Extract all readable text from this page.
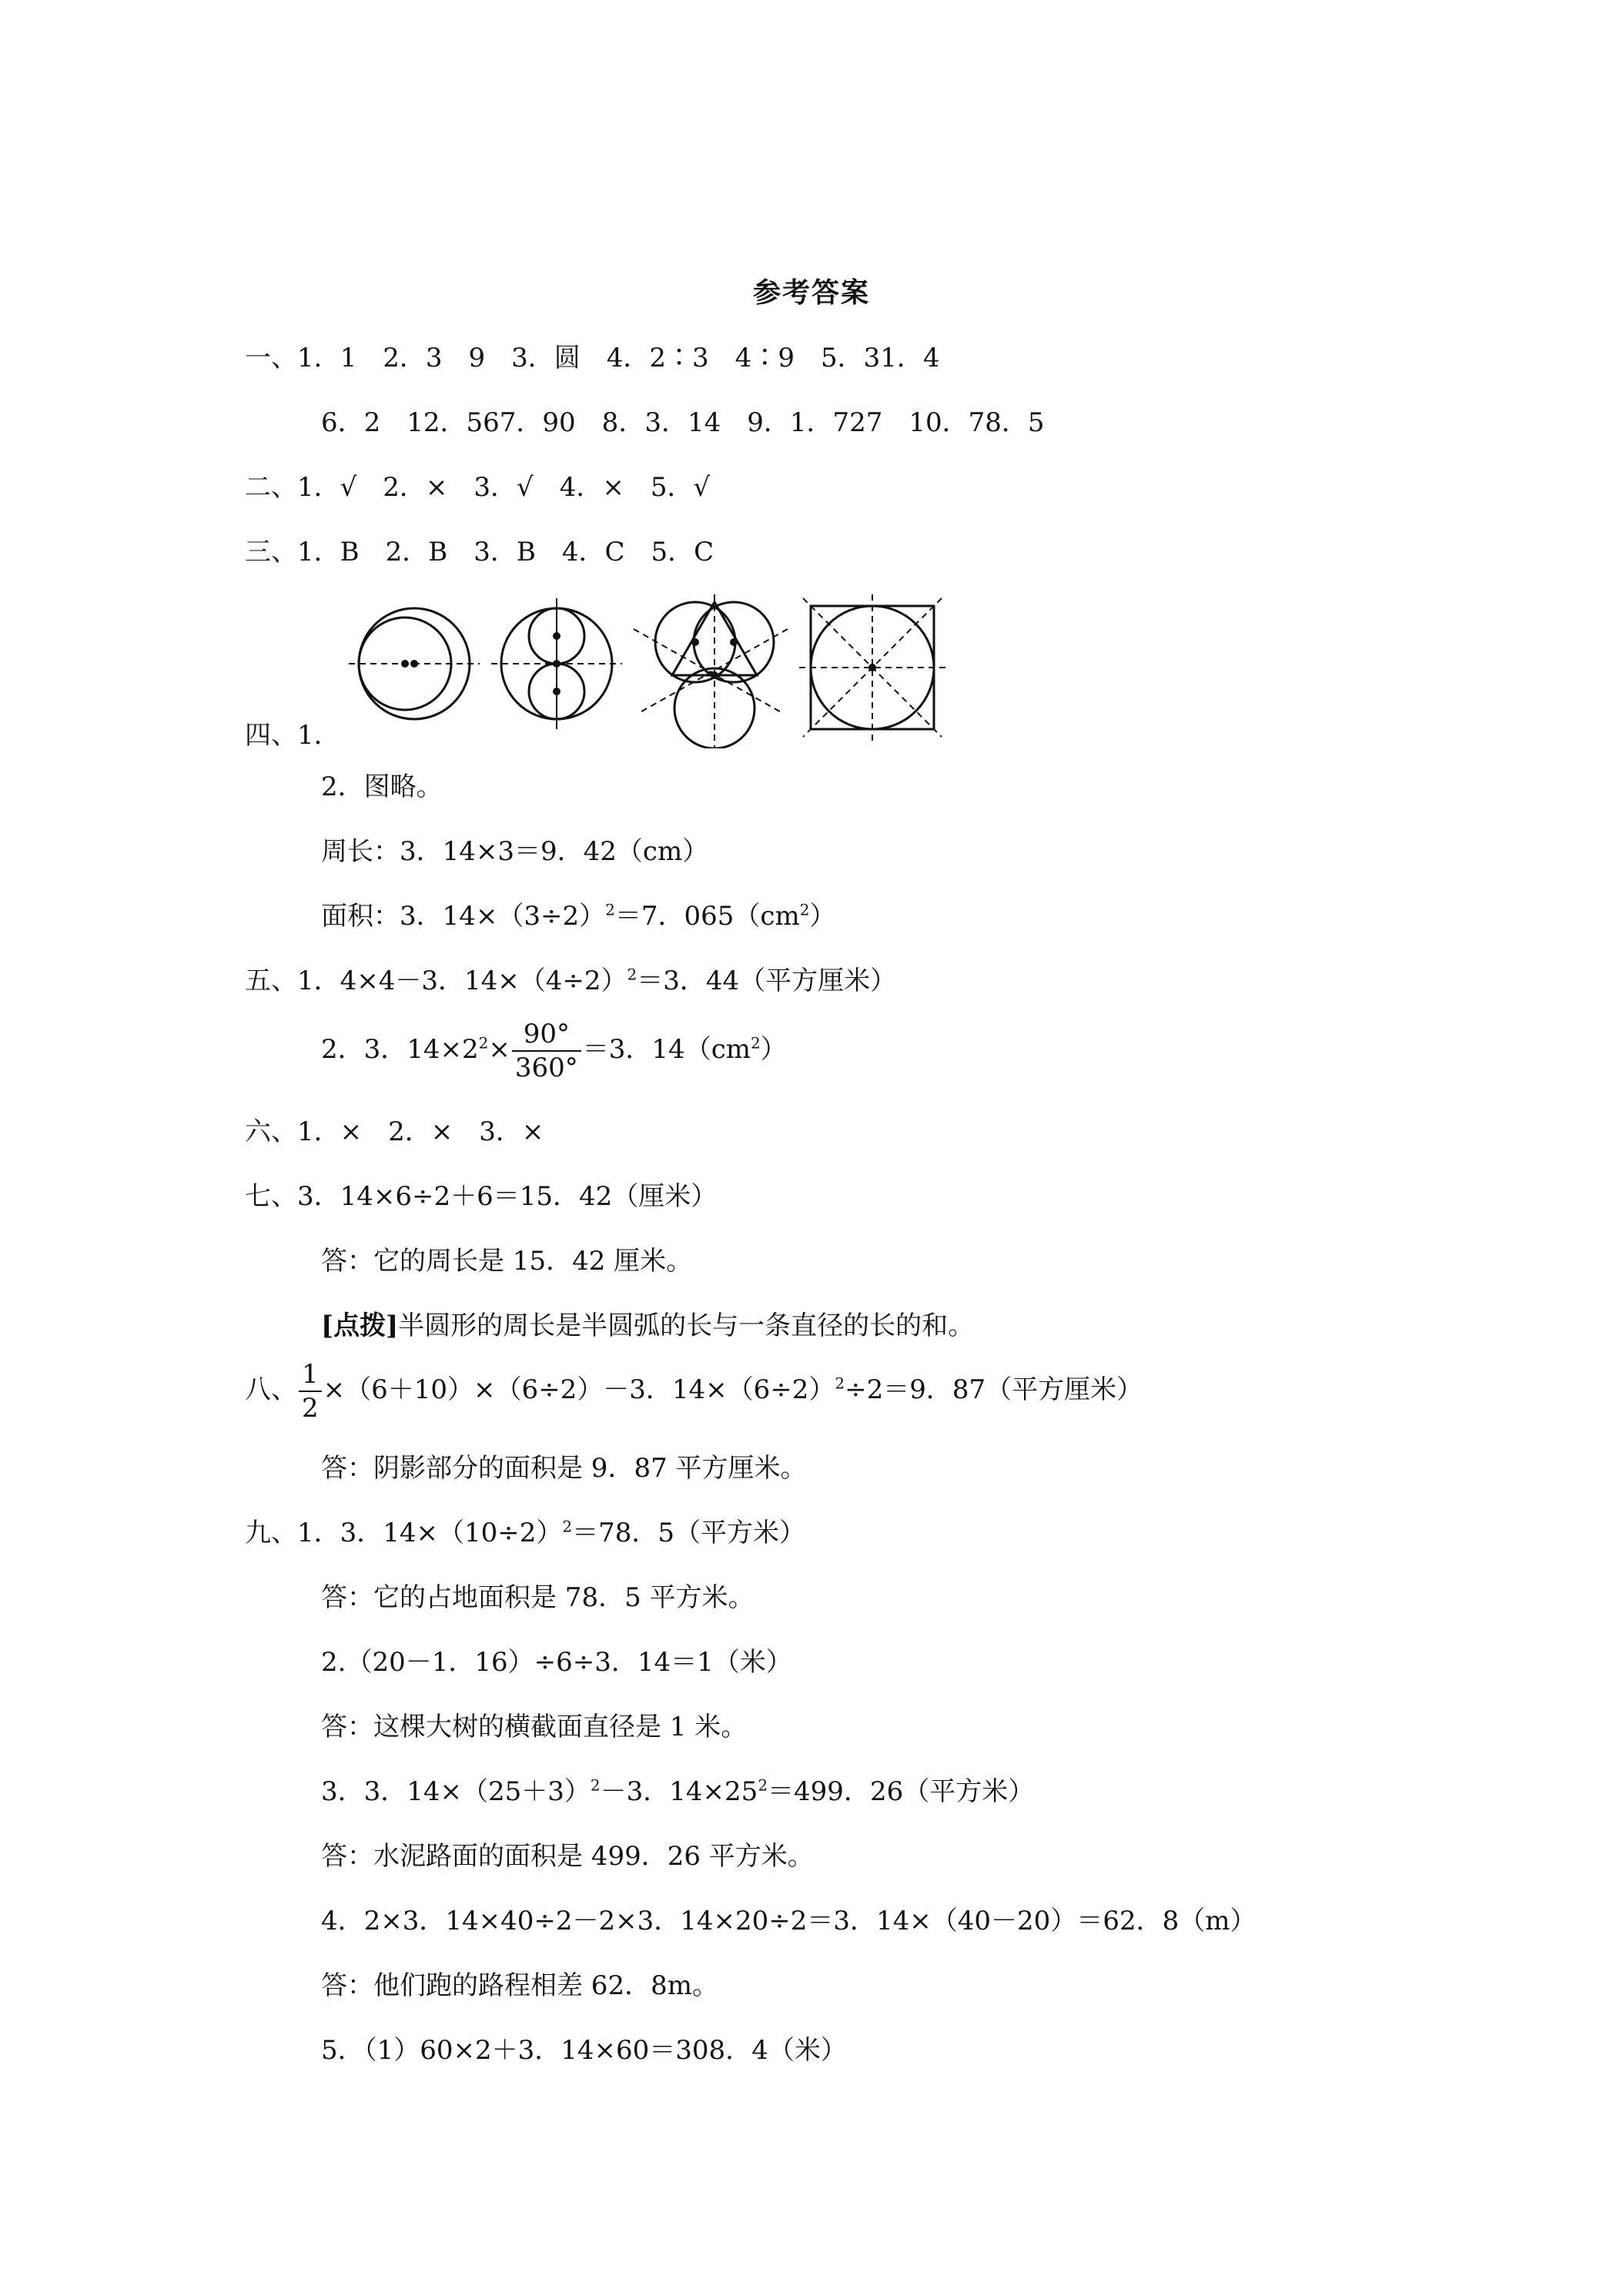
参考答案
一、1．1　2．3　9　3．圆　4．2∶3　4∶9　5．31．4
6．2　12．567．90　8．3．14　9．1．727　10．78．5
二、1．√　2．×　3．√　4．×　5．√
三、1．B　2．B　3．B　4．C　5．C
四、1．
2．图略。
周长：3．14×3＝9．42（cm）
面积：3．$14\times(3\div 2)^2=7$．$065(cm^2)$
五、1．4×4－3．$14\times(4\div 2)^2=3$．44（平方厘米）
2．3．$14\times 2^2\times \frac{90^\circ}{360^\circ} =3$．$14(cm^2)$
六、1．×　2．×　3．×
七、3．14×6÷2＋6＝15．42（厘米）
答：它的周长是 15．42 厘米。
[点拨]半圆形的周长是半圆弧的长与一条直径的长的和。
八、 $\frac{1}{2} \times(6+10)\times(6\div 2)-3$．$14\times(6\div 2)^2\div 2=9$．87（平方厘米）
答：阴影部分的面积是 9．87 平方厘米。
九、1．3．$14\times(10\div 2)^2=78$．5（平方米）
答：它的占地面积是 78．5 平方米。
2.（20－1．16）÷6÷3．14＝1（米）
答：这棵大树的横截面直径是 1 米。
3．3．$14\times(25+3)^2-3$．$14\times 25^2=499$．26（平方米）
答：水泥路面的面积是 499．26 平方米。
4．2×3．14×40÷2－2×3．14×20÷2＝3．14×（40－20）＝62．8（m）
答：他们跑的路程相差 62．8m。
5．（1）60×2＋3．14×60＝308．4（米）
